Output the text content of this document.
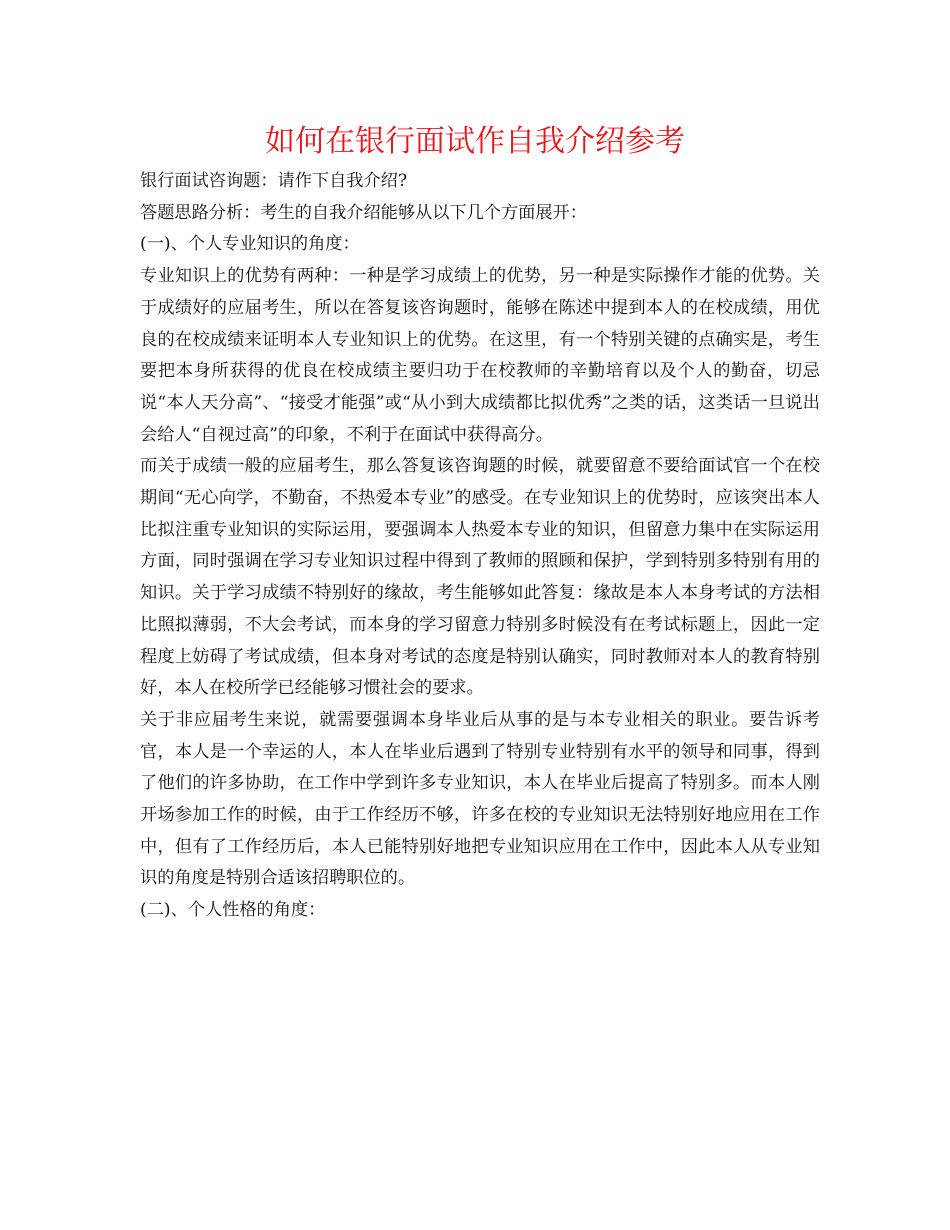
如何在银行面试作自我介绍参考

银行面试咨询题：请作下自我介绍?

答题思路分析：考生的自我介绍能够从以下几个方面展开：

(一)、个人专业知识的角度：

专业知识上的优势有两种：一种是学习成绩上的优势，另一种是实际操作才能的优势。关于成绩好的应届考生，所以在答复该咨询题时，能够在陈述中提到本人的在校成绩，用优良的在校成绩来证明本人专业知识上的优势。在这里，有一个特别关键的点确实是，考生要把本身所获得的优良在校成绩主要归功于在校教师的辛勤培育以及个人的勤奋，切忌说“本人天分高”、“接受才能强”或“从小到大成绩都比拟优秀”之类的话，这类话一旦说出会给人“自视过高”的印象，不利于在面试中获得高分。

而关于成绩一般的应届考生，那么答复该咨询题的时候，就要留意不要给面试官一个在校期间“无心向学，不勤奋，不热爱本专业”的感受。在专业知识上的优势时，应该突出本人比拟注重专业知识的实际运用，要强调本人热爱本专业的知识，但留意力集中在实际运用方面，同时强调在学习专业知识过程中得到了教师的照顾和保护，学到特别多特别有用的知识。关于学习成绩不特别好的缘故，考生能够如此答复：缘故是本人本身考试的方法相比照拟薄弱，不大会考试，而本身的学习留意力特别多时候没有在考试标题上，因此一定程度上妨碍了考试成绩，但本身对考试的态度是特别认确实，同时教师对本人的教育特别好，本人在校所学已经能够习惯社会的要求。

关于非应届考生来说，就需要强调本身毕业后从事的是与本专业相关的职业。要告诉考官，本人是一个幸运的人，本人在毕业后遇到了特别专业特别有水平的领导和同事，得到了他们的许多协助，在工作中学到许多专业知识，本人在毕业后提高了特别多。而本人刚开场参加工作的时候，由于工作经历不够，许多在校的专业知识无法特别好地应用在工作中，但有了工作经历后，本人已能特别好地把专业知识应用在工作中，因此本人从专业知识的角度是特别合适该招聘职位的。

(二)、个人性格的角度：
